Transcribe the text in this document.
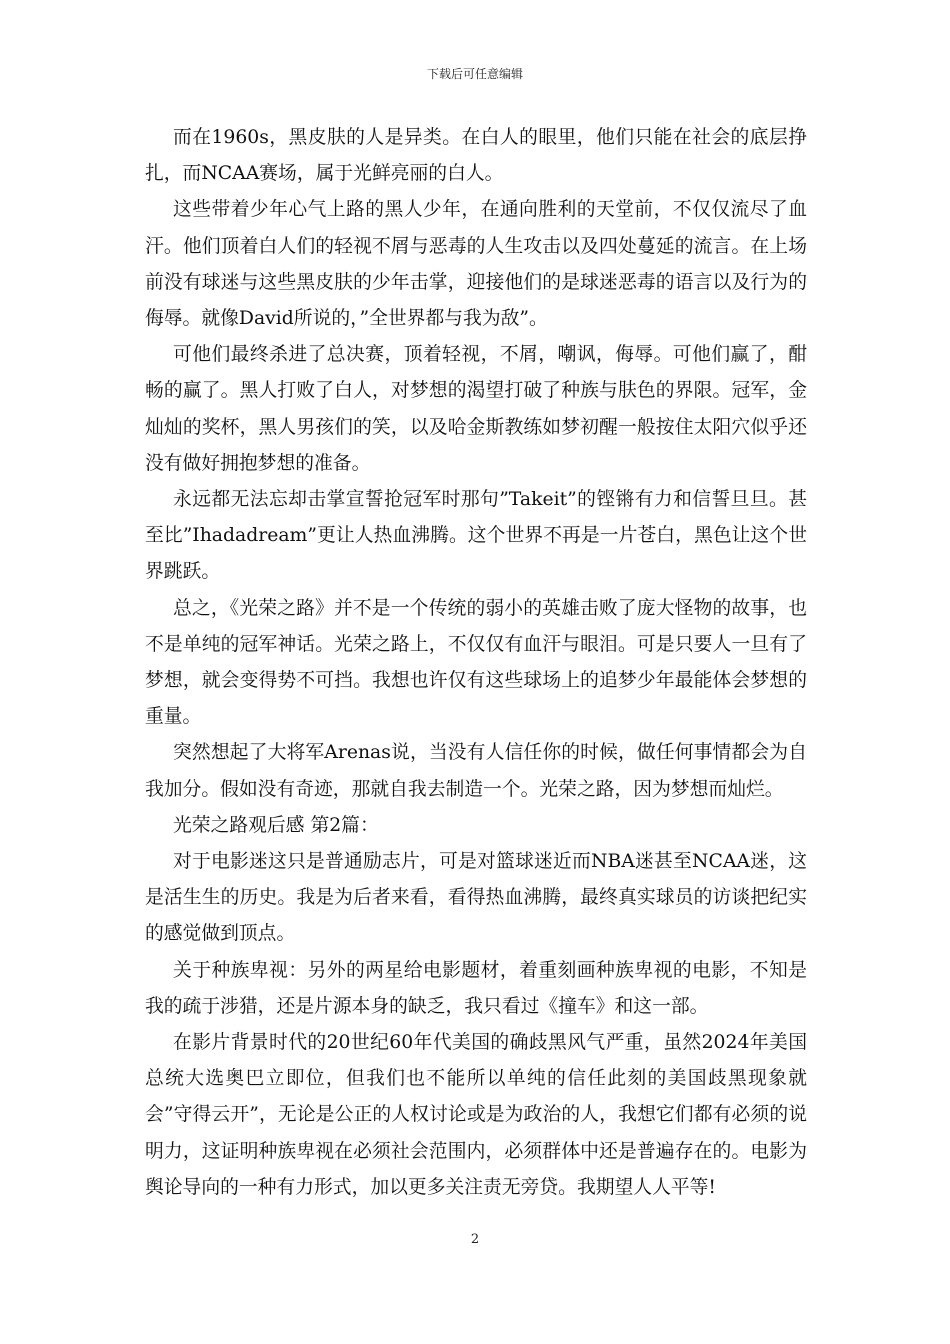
下载后可任意编辑

而在1960s，黑皮肤的人是异类。在白人的眼里，他们只能在社会的底层挣扎，而NCAA赛场，属于光鲜亮丽的白人。

这些带着少年心气上路的黑人少年，在通向胜利的天堂前，不仅仅流尽了血汗。他们顶着白人们的轻视不屑与恶毒的人生攻击以及四处蔓延的流言。在上场前没有球迷与这些黑皮肤的少年击掌，迎接他们的是球迷恶毒的语言以及行为的侮辱。就像David所说的，”全世界都与我为敌”。

可他们最终杀进了总决赛，顶着轻视，不屑，嘲讽，侮辱。可他们赢了，酣畅的赢了。黑人打败了白人，对梦想的渴望打破了种族与肤色的界限。冠军，金灿灿的奖杯，黑人男孩们的笑，以及哈金斯教练如梦初醒一般按住太阳穴似乎还没有做好拥抱梦想的准备。

永远都无法忘却击掌宣誓抢冠军时那句”Takeit”的铿锵有力和信誓旦旦。甚至比”Ihadadream”更让人热血沸腾。这个世界不再是一片苍白，黑色让这个世界跳跃。

总之，《光荣之路》并不是一个传统的弱小的英雄击败了庞大怪物的故事，也不是单纯的冠军神话。光荣之路上，不仅仅有血汗与眼泪。可是只要人一旦有了梦想，就会变得势不可挡。我想也许仅有这些球场上的追梦少年最能体会梦想的重量。

突然想起了大将军Arenas说，当没有人信任你的时候，做任何事情都会为自我加分。假如没有奇迹，那就自我去制造一个。光荣之路，因为梦想而灿烂。

光荣之路观后感 第2篇：

对于电影迷这只是普通励志片，可是对篮球迷近而NBA迷甚至NCAA迷，这是活生生的历史。我是为后者来看，看得热血沸腾，最终真实球员的访谈把纪实的感觉做到顶点。

关于种族卑视：另外的两星给电影题材，着重刻画种族卑视的电影，不知是我的疏于涉猎，还是片源本身的缺乏，我只看过《撞车》和这一部。

在影片背景时代的20世纪60年代美国的确歧黑风气严重，虽然2024年美国总统大选奥巴立即位，但我们也不能所以单纯的信任此刻的美国歧黑现象就会”守得云开”，无论是公正的人权讨论或是为政治的人，我想它们都有必须的说明力，这证明种族卑视在必须社会范围内，必须群体中还是普遍存在的。电影为舆论导向的一种有力形式，加以更多关注责无旁贷。我期望人人平等!

2
